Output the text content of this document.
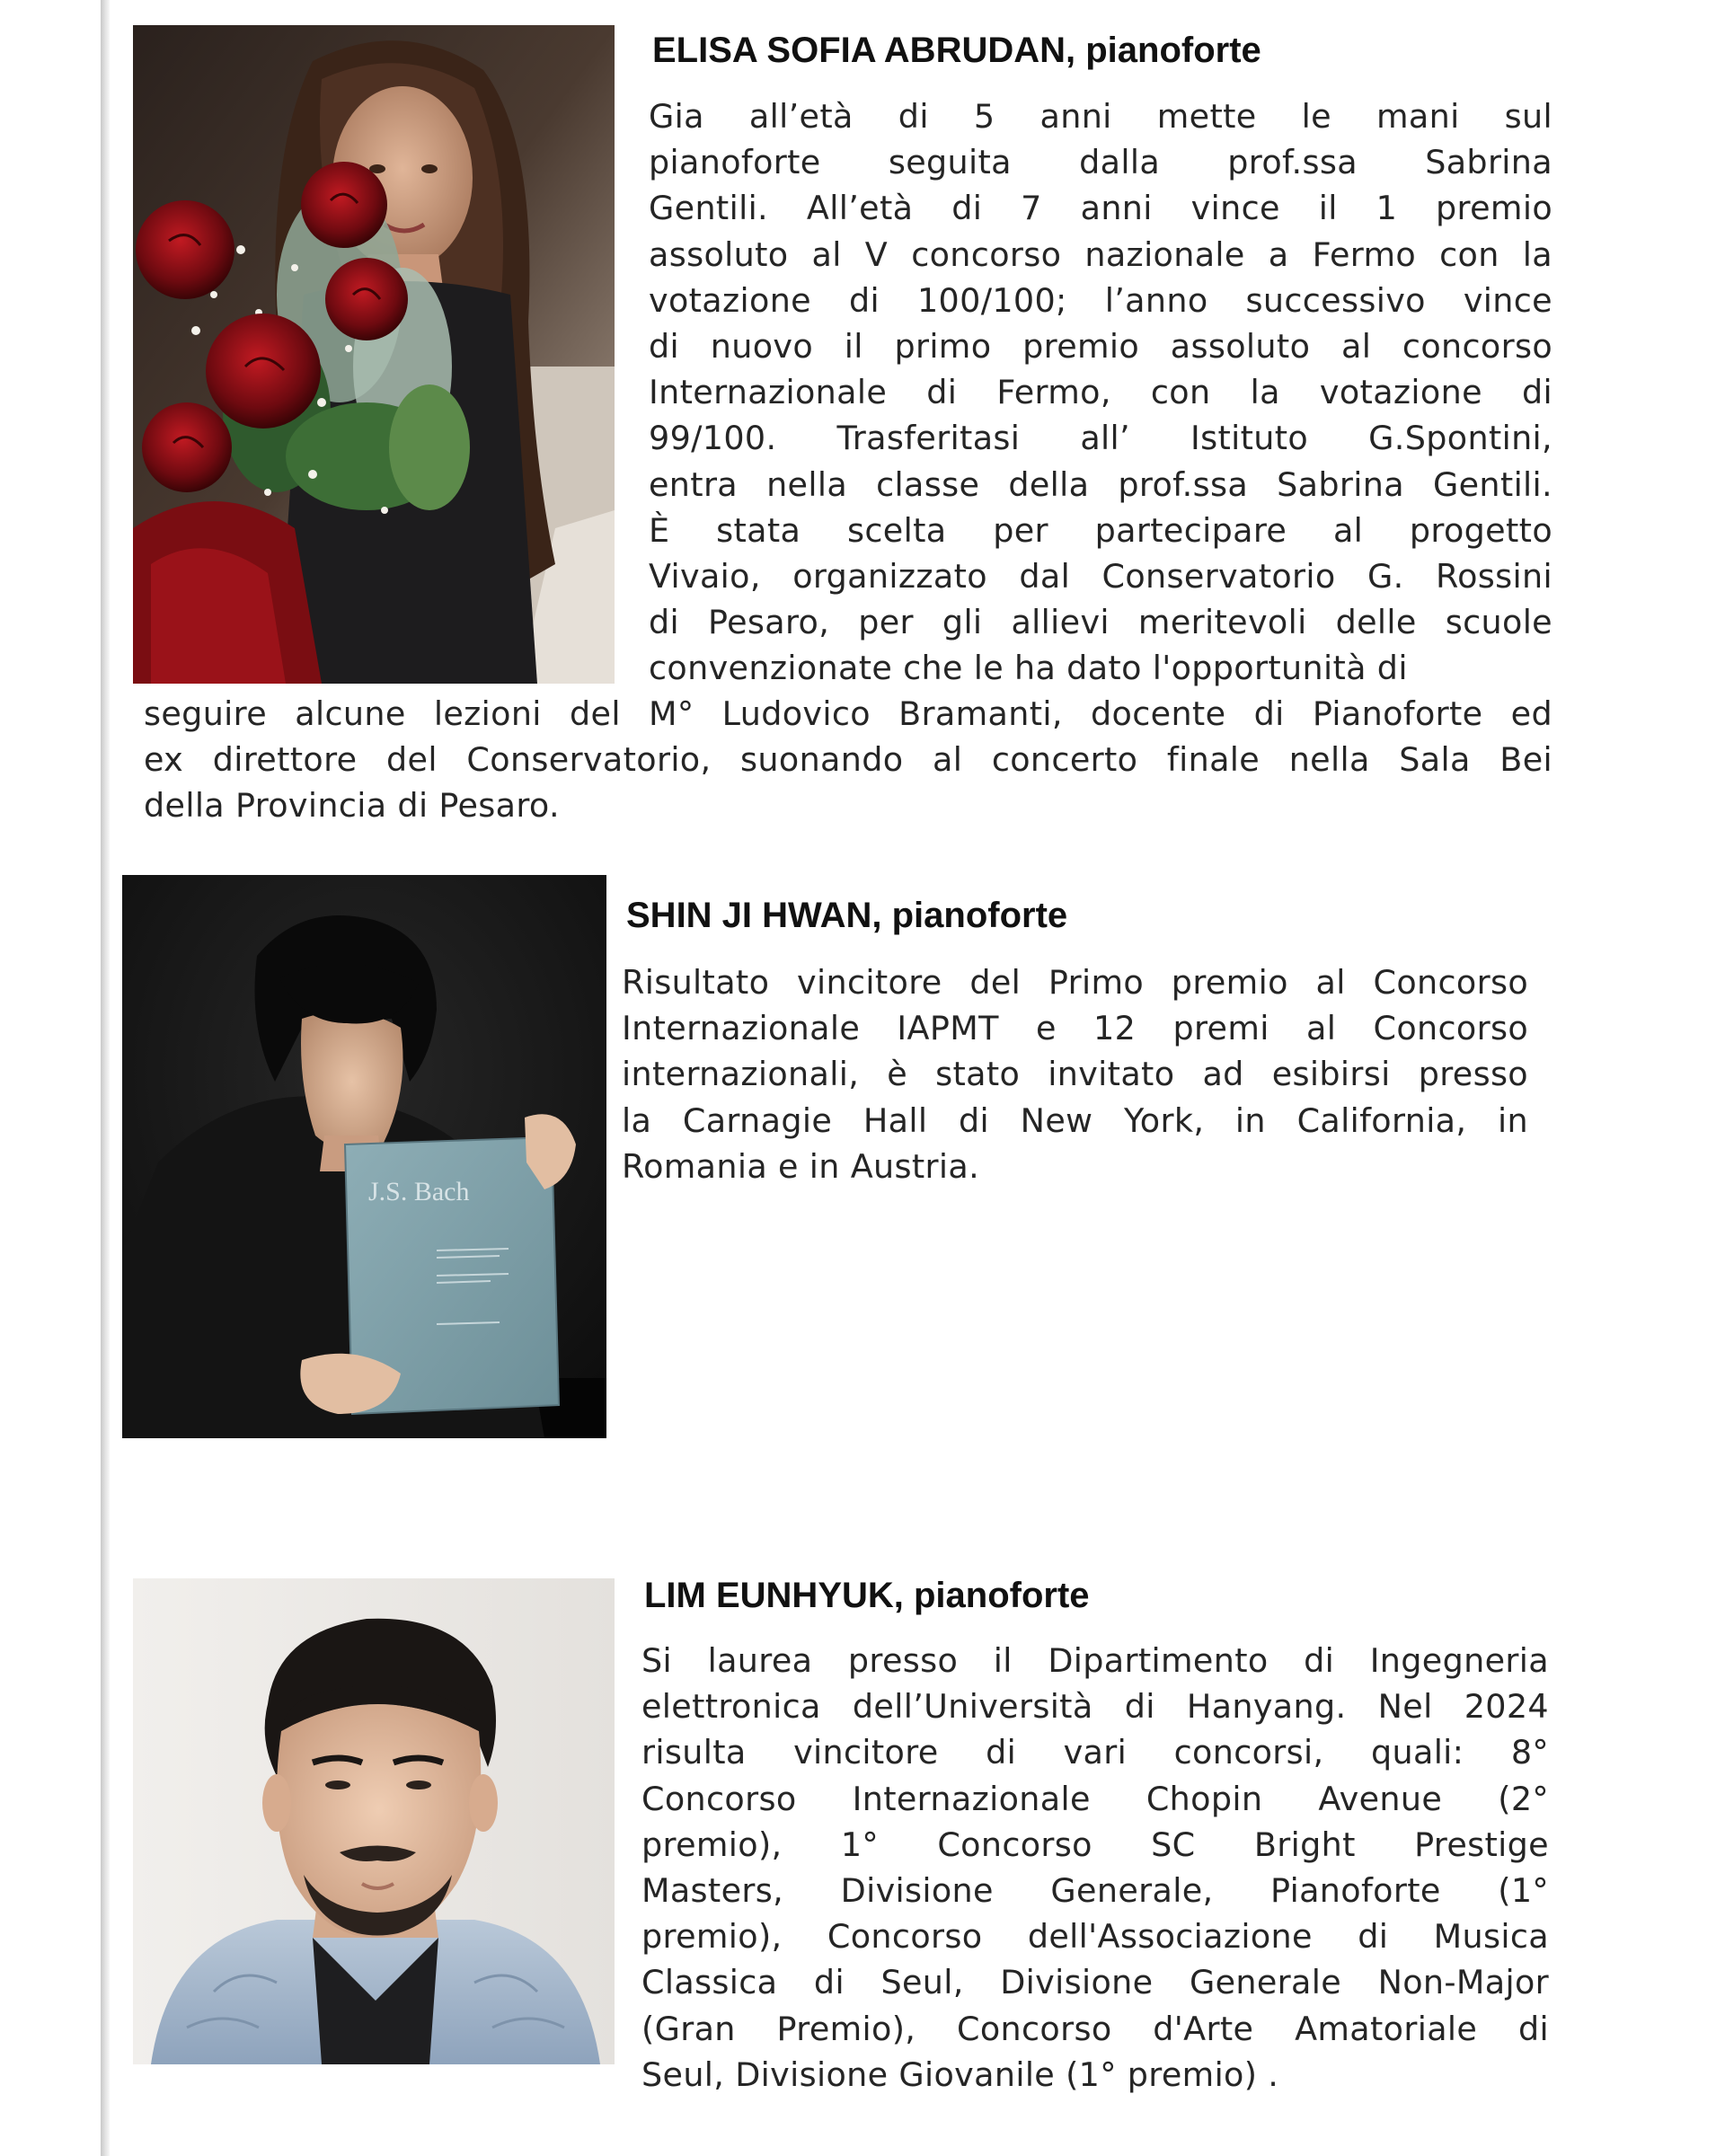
ELISA SOFIA ABRUDAN, pianoforte

Gia all’età di 5 anni mette le mani sul
pianoforte seguita dalla prof.ssa Sabrina
Gentili. All’età di 7 anni vince il 1 premio
assoluto al V concorso nazionale a Fermo con la
votazione di 100/100; l’anno successivo vince
di nuovo il primo premio assoluto al concorso
Internazionale di Fermo, con la votazione di
99/100. Trasferitasi all’ Istituto G.Spontini,
entra nella classe della prof.ssa Sabrina Gentili.
È stata scelta per partecipare al progetto
Vivaio, organizzato dal Conservatorio G. Rossini
di Pesaro, per gli allievi meritevoli delle scuole
convenzionate che le ha dato l'opportunità di

seguire alcune lezioni del M° Ludovico Bramanti, docente di Pianoforte ed
ex direttore del Conservatorio, suonando al concerto finale nella Sala Bei
della Provincia di Pesaro.

J.S. Bach
SHIN JI HWAN, pianoforte

Risultato vincitore del Primo premio al Concorso
Internazionale IAPMT e 12 premi al Concorso
internazionali, è stato invitato ad esibirsi presso
la Carnagie Hall di New York, in California, in
Romania e in Austria.

LIM EUNHYUK, pianoforte

Si laurea presso il Dipartimento di Ingegneria
elettronica dell’Università di Hanyang. Nel 2024
risulta vincitore di vari concorsi, quali: 8°
Concorso Internazionale Chopin Avenue (2°
premio), 1° Concorso SC Bright Prestige
Masters, Divisione Generale, Pianoforte (1°
premio), Concorso dell'Associazione di Musica
Classica di Seul, Divisione Generale Non-Major
(Gran Premio), Concorso d'Arte Amatoriale di
Seul, Divisione Giovanile (1° premio) .
